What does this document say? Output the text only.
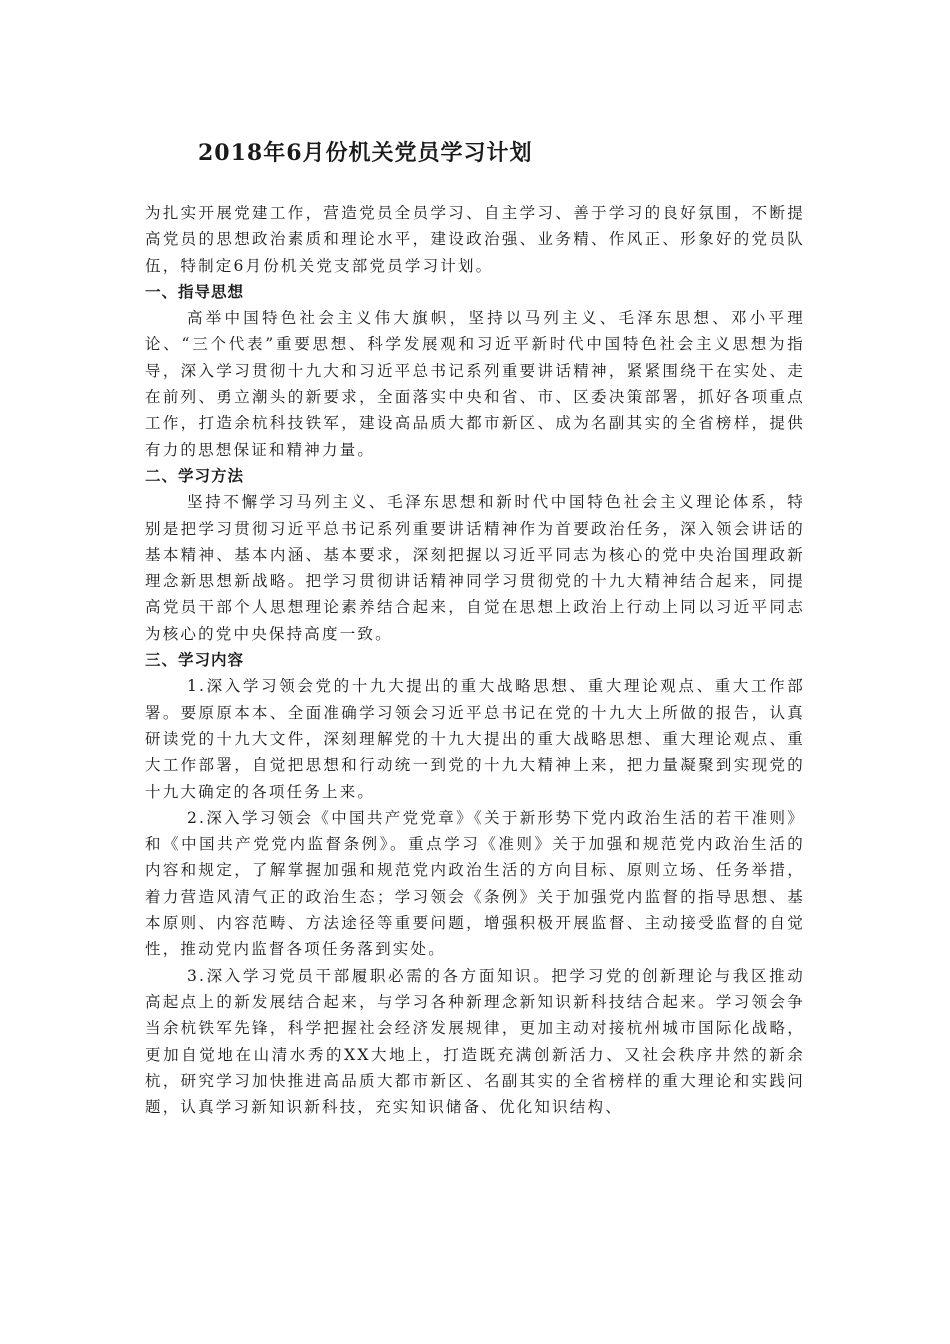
2018年6月份机关党员学习计划

为扎实开展党建工作，营造党员全员学习、自主学习、善于学习的良好氛围，不断提高党员的思想政治素质和理论水平，建设政治强、业务精、作风正、形象好的党员队伍，特制定6月份机关党支部党员学习计划。

一、指导思想

高举中国特色社会主义伟大旗帜，坚持以马列主义、毛泽东思想、邓小平理论、“三个代表”重要思想、科学发展观和习近平新时代中国特色社会主义思想为指导，深入学习贯彻十九大和习近平总书记系列重要讲话精神，紧紧围绕干在实处、走在前列、勇立潮头的新要求，全面落实中央和省、市、区委决策部署，抓好各项重点工作，打造余杭科技铁军，建设高品质大都市新区、成为名副其实的全省榜样，提供有力的思想保证和精神力量。

二、学习方法

坚持不懈学习马列主义、毛泽东思想和新时代中国特色社会主义理论体系，特别是把学习贯彻习近平总书记系列重要讲话精神作为首要政治任务，深入领会讲话的基本精神、基本内涵、基本要求，深刻把握以习近平同志为核心的党中央治国理政新理念新思想新战略。把学习贯彻讲话精神同学习贯彻党的十九大精神结合起来，同提高党员干部个人思想理论素养结合起来，自觉在思想上政治上行动上同以习近平同志为核心的党中央保持高度一致。

三、学习内容

1.深入学习领会党的十九大提出的重大战略思想、重大理论观点、重大工作部署。要原原本本、全面准确学习领会习近平总书记在党的十九大上所做的报告，认真研读党的十九大文件，深刻理解党的十九大提出的重大战略思想、重大理论观点、重大工作部署，自觉把思想和行动统一到党的十九大精神上来，把力量凝聚到实现党的十九大确定的各项任务上来。

2.深入学习领会《中国共产党党章》《关于新形势下党内政治生活的若干准则》和《中国共产党党内监督条例》。重点学习《准则》关于加强和规范党内政治生活的内容和规定，了解掌握加强和规范党内政治生活的方向目标、原则立场、任务举措，着力营造风清气正的政治生态；学习领会《条例》关于加强党内监督的指导思想、基本原则、内容范畴、方法途径等重要问题，增强积极开展监督、主动接受监督的自觉性，推动党内监督各项任务落到实处。

3.深入学习党员干部履职必需的各方面知识。把学习党的创新理论与我区推动高起点上的新发展结合起来，与学习各种新理念新知识新科技结合起来。学习领会争当余杭铁军先锋，科学把握社会经济发展规律，更加主动对接杭州城市国际化战略，更加自觉地在山清水秀的XX大地上，打造既充满创新活力、又社会秩序井然的新余杭，研究学习加快推进高品质大都市新区、名副其实的全省榜样的重大理论和实践问题，认真学习新知识新科技，充实知识储备、优化知识结构、
